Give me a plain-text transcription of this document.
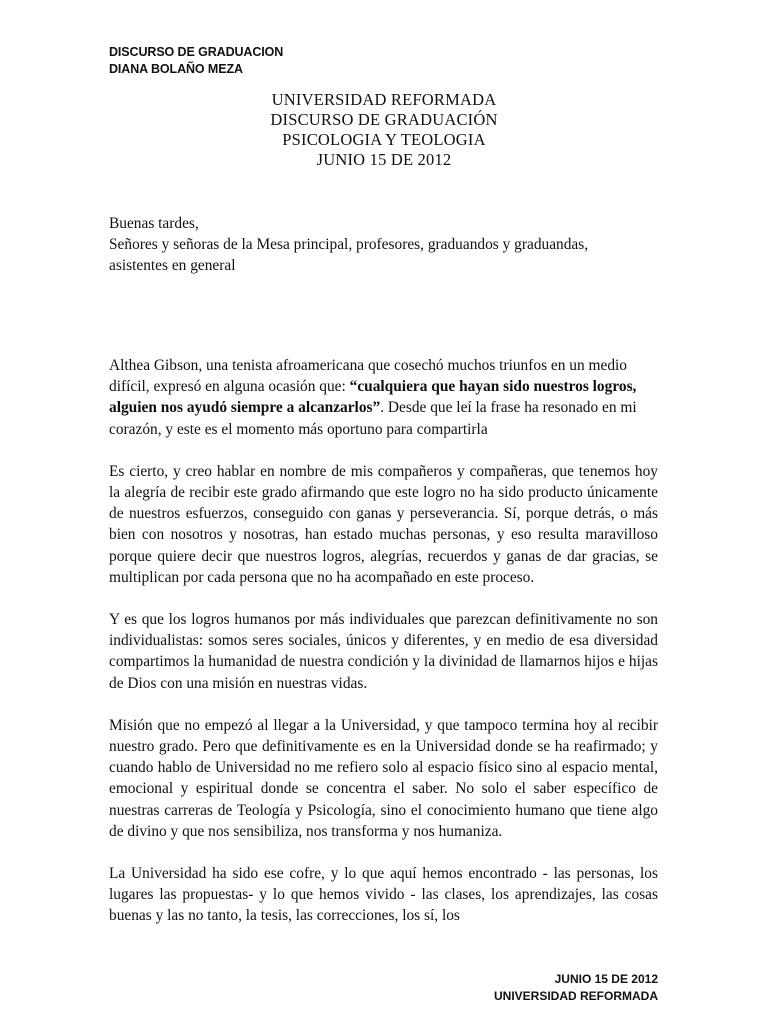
DISCURSO DE GRADUACION
DIANA BOLAÑO MEZA
UNIVERSIDAD REFORMADA
DISCURSO DE GRADUACIÓN
PSICOLOGIA Y TEOLOGIA
JUNIO 15 DE 2012
Buenas tardes,
Señores y señoras de la Mesa principal, profesores, graduandos y graduandas,
asistentes en general

Althea Gibson, una tenista afroamericana que cosechó muchos triunfos en un medio difícil, expresó en alguna ocasión que: “cualquiera que hayan sido nuestros logros, alguien nos ayudó siempre a alcanzarlos”. Desde que leí la frase ha resonado en mi corazón, y este es el momento más oportuno para compartirla

Es cierto, y creo hablar en nombre de mis compañeros y compañeras, que tenemos hoy la alegría de recibir este grado afirmando que este logro no ha sido producto únicamente de nuestros esfuerzos, conseguido con ganas y perseverancia. Sí, porque detrás, o más bien con nosotros y nosotras, han estado muchas personas, y eso resulta maravilloso porque quiere decir que nuestros logros, alegrías, recuerdos y ganas de dar gracias, se multiplican por cada persona que no ha acompañado en este proceso.

Y es que los logros humanos por más individuales que parezcan definitivamente no son individualistas: somos seres sociales, únicos y diferentes, y en medio de esa diversidad compartimos la humanidad de nuestra condición y la divinidad de llamarnos hijos e hijas de Dios con una misión en nuestras vidas.

Misión que no empezó al llegar a la Universidad, y que tampoco termina hoy al recibir nuestro grado. Pero que definitivamente es en la Universidad donde se ha reafirmado; y cuando hablo de Universidad no me refiero solo al espacio físico sino al espacio mental, emocional y espiritual donde se concentra el saber. No solo el saber específico de nuestras carreras de Teología y Psicología, sino el conocimiento humano que tiene algo de divino y que nos sensibiliza, nos transforma y nos humaniza.

La Universidad ha sido ese cofre, y lo que aquí hemos encontrado - las personas, los lugares las propuestas- y lo que hemos vivido - las clases, los aprendizajes, las cosas buenas y las no tanto, la tesis, las correcciones, los sí, los

JUNIO 15 DE 2012
UNIVERSIDAD REFORMADA
